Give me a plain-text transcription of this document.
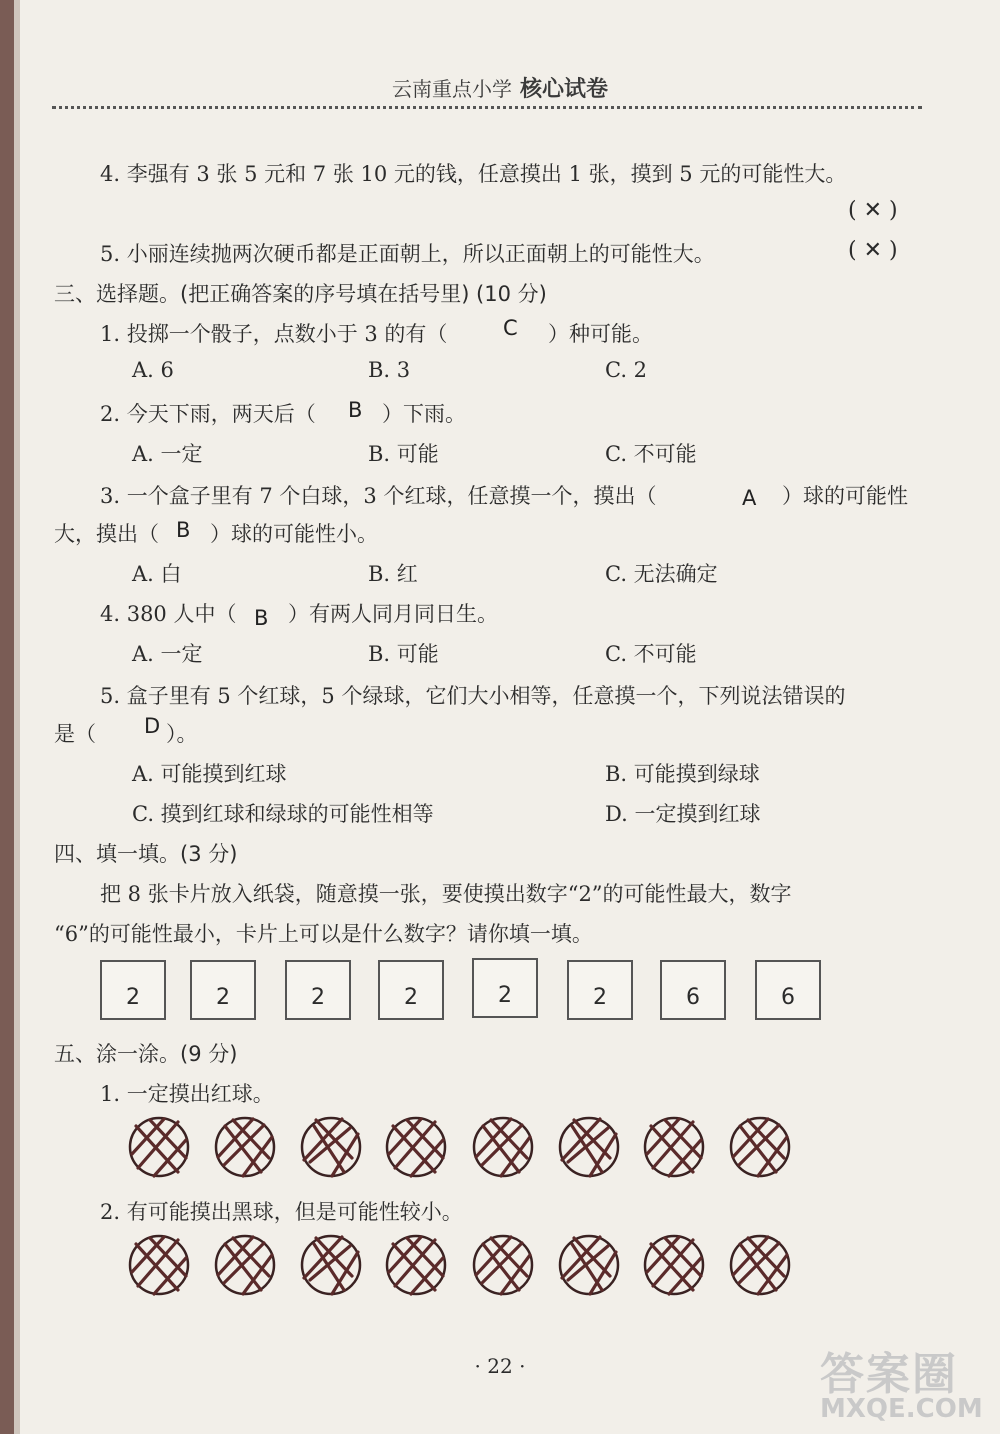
云南重点小学 核心试卷
4. 李强有 3 张 5 元和 7 张 10 元的钱，任意摸出 1 张，摸到 5 元的可能性大。
( ✕ )
5. 小丽连续抛两次硬币都是正面朝上，所以正面朝上的可能性大。	( ✕ )
三、选择题。(把正确答案的序号填在括号里) (10 分)
1. 投掷一个骰子，点数小于 3 的有（	C ）种可能。
A. 6	B. 3	C. 2
2. 今天下雨，两天后（ B ）下雨。
A. 一定	B. 可能	C. 不可能
3. 一个盒子里有 7 个白球，3 个红球，任意摸一个，摸出（	A ）球的可能性
大，摸出（ B ）球的可能性小。
A. 白	B. 红	C. 无法确定
4. 380 人中（ B ）有两人同月同日生。
A. 一定	B. 可能	C. 不可能
5. 盒子里有 5 个红球，5 个绿球，它们大小相等，任意摸一个，下列说法错误的
是（ D ）。
A. 可能摸到红球	B. 可能摸到绿球
C. 摸到红球和绿球的可能性相等	D. 一定摸到红球
四、填一填。(3 分)
把 8 张卡片放入纸袋，随意摸一张，要使摸出数字“2”的可能性最大，数字
“6”的可能性最小，卡片上可以是什么数字？请你填一填。
2	2	2	2	2	2	6	6
五、涂一涂。(9 分)
1. 一定摸出红球。
2. 有可能摸出黑球，但是可能性较小。
· 22 ·	答案圈
MXQE.COM
